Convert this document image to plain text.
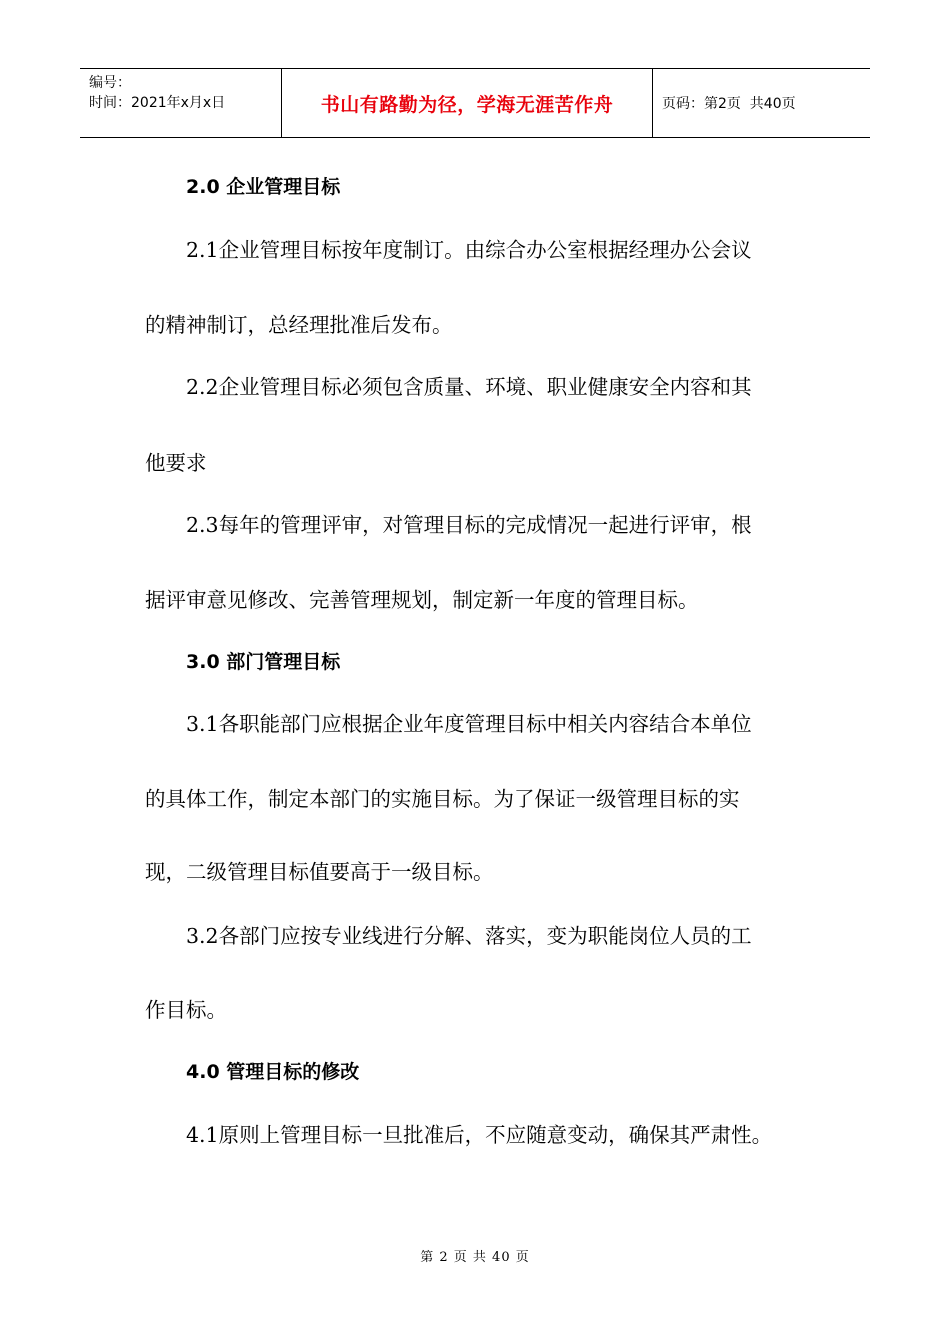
编号：
时间：2021年x月x日	书山有路勤为径，学海无涯苦作舟	页码：第2页  共40页
2.0 企业管理目标
2.1企业管理目标按年度制订。由综合办公室根据经理办公会议
的精神制订，总经理批准后发布。
2.2企业管理目标必须包含质量、环境、职业健康安全内容和其
他要求
2.3每年的管理评审，对管理目标的完成情况一起进行评审，根
据评审意见修改、完善管理规划，制定新一年度的管理目标。
3.0 部门管理目标
3.1各职能部门应根据企业年度管理目标中相关内容结合本单位
的具体工作，制定本部门的实施目标。为了保证一级管理目标的实
现，二级管理目标值要高于一级目标。
3.2各部门应按专业线进行分解、落实，变为职能岗位人员的工
作目标。
4.0 管理目标的修改
4.1原则上管理目标一旦批准后，不应随意变动，确保其严肃性。
第 2 页 共 40 页
